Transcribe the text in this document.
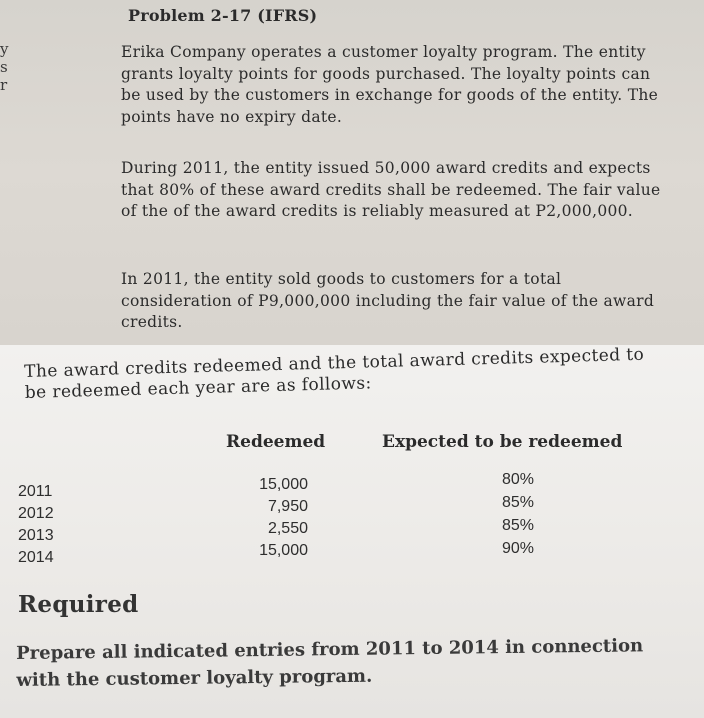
y
s
r
Problem 2-17 (IFRS)
Erika Company operates a customer loyalty program. The entity grants loyalty points for goods purchased. The loyalty points can be used by the customers in exchange for goods of the entity. The points have no expiry date.
During 2011, the entity issued 50,000 award credits and expects that 80% of these award credits shall be redeemed. The fair value of the of the award credits is reliably measured at P2,000,000.
In 2011, the entity sold goods to customers for a total consideration of P9,000,000 including the fair value of the award credits.
The award credits redeemed and the total award credits expected to be redeemed each year are as follows:
Redeemed	Expected to be redeemed
2011
2012
2013
2014
15,000
7,950
2,550
15,000
80%
85%
85%
90%
Required
Prepare all indicated entries from 2011 to 2014 in connection with the customer loyalty program.
